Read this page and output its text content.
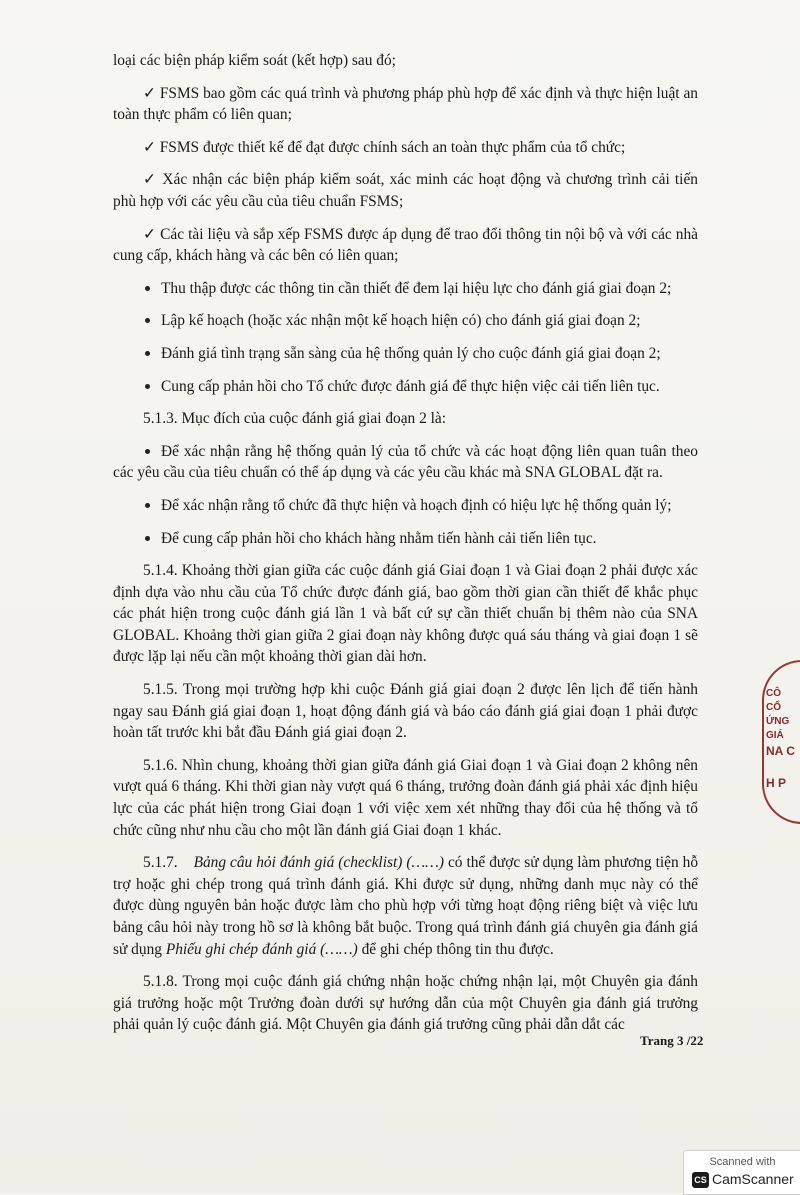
loại các biện pháp kiểm soát (kết hợp) sau đó;

✓ FSMS bao gồm các quá trình và phương pháp phù hợp để xác định và thực hiện luật an toàn thực phẩm có liên quan;

✓ FSMS được thiết kế để đạt được chính sách an toàn thực phẩm của tổ chức;

✓ Xác nhận các biện pháp kiểm soát, xác minh các hoạt động và chương trình cải tiến phù hợp với các yêu cầu của tiêu chuẩn FSMS;

✓ Các tài liệu và sắp xếp FSMS được áp dụng để trao đổi thông tin nội bộ và với các nhà cung cấp, khách hàng và các bên có liên quan;

Thu thập được các thông tin cần thiết để đem lại hiệu lực cho đánh giá giai đoạn 2;

Lập kế hoạch (hoặc xác nhận một kế hoạch hiện có) cho đánh giá giai đoạn 2;

Đánh giá tình trạng sẵn sàng của hệ thống quản lý cho cuộc đánh giá giai đoạn 2;

Cung cấp phản hồi cho Tổ chức được đánh giá để thực hiện việc cải tiến liên tục.

5.1.3. Mục đích của cuộc đánh giá giai đoạn 2 là:

Để xác nhận rằng hệ thống quản lý của tổ chức và các hoạt động liên quan tuân theo các yêu cầu của tiêu chuẩn có thể áp dụng và các yêu cầu khác mà SNA GLOBAL đặt ra.

Để xác nhận rằng tổ chức đã thực hiện và hoạch định có hiệu lực hệ thống quản lý;

Để cung cấp phản hồi cho khách hàng nhằm tiến hành cải tiến liên tục.

5.1.4. Khoảng thời gian giữa các cuộc đánh giá Giai đoạn 1 và Giai đoạn 2 phải được xác định dựa vào nhu cầu của Tổ chức được đánh giá, bao gồm thời gian cần thiết để khắc phục các phát hiện trong cuộc đánh giá lần 1 và bất cứ sự cần thiết chuẩn bị thêm nào của SNA GLOBAL. Khoảng thời gian giữa 2 giai đoạn này không được quá sáu tháng và giai đoạn 1 sẽ được lặp lại nếu cần một khoảng thời gian dài hơn.

5.1.5. Trong mọi trường hợp khi cuộc Đánh giá giai đoạn 2 được lên lịch để tiến hành ngay sau Đánh giá giai đoạn 1, hoạt động đánh giá và báo cáo đánh giá giai đoạn 1 phải được hoàn tất trước khi bắt đầu Đánh giá giai đoạn 2.

5.1.6. Nhìn chung, khoảng thời gian giữa đánh giá Giai đoạn 1 và Giai đoạn 2 không nên vượt quá 6 tháng. Khi thời gian này vượt quá 6 tháng, trưởng đoàn đánh giá phải xác định hiệu lực của các phát hiện trong Giai đoạn 1 với việc xem xét những thay đổi của hệ thống và tổ chức cũng như nhu cầu cho một lần đánh giá Giai đoạn 1 khác.

5.1.7. Bảng câu hỏi đánh giá (checklist) (……) có thể được sử dụng làm phương tiện hỗ trợ hoặc ghi chép trong quá trình đánh giá. Khi được sử dụng, những danh mục này có thể được dùng nguyên bản hoặc được làm cho phù hợp với từng hoạt động riêng biệt và việc lưu bảng câu hỏi này trong hồ sơ là không bắt buộc. Trong quá trình đánh giá chuyên gia đánh giá sử dụng Phiếu ghi chép đánh giá (……) để ghi chép thông tin thu được.

5.1.8. Trong mọi cuộc đánh giá chứng nhận hoặc chứng nhận lại, một Chuyên gia đánh giá trưởng hoặc một Trưởng đoàn dưới sự hướng dẫn của một Chuyên gia đánh giá trưởng phải quản lý cuộc đánh giá. Một Chuyên gia đánh giá trưởng cũng phải dẫn dắt các

Trang 3 /22
CÔ
CỔ
ỨNG
GIÁ
NA C
H P
Scanned with
CS CamScanner
